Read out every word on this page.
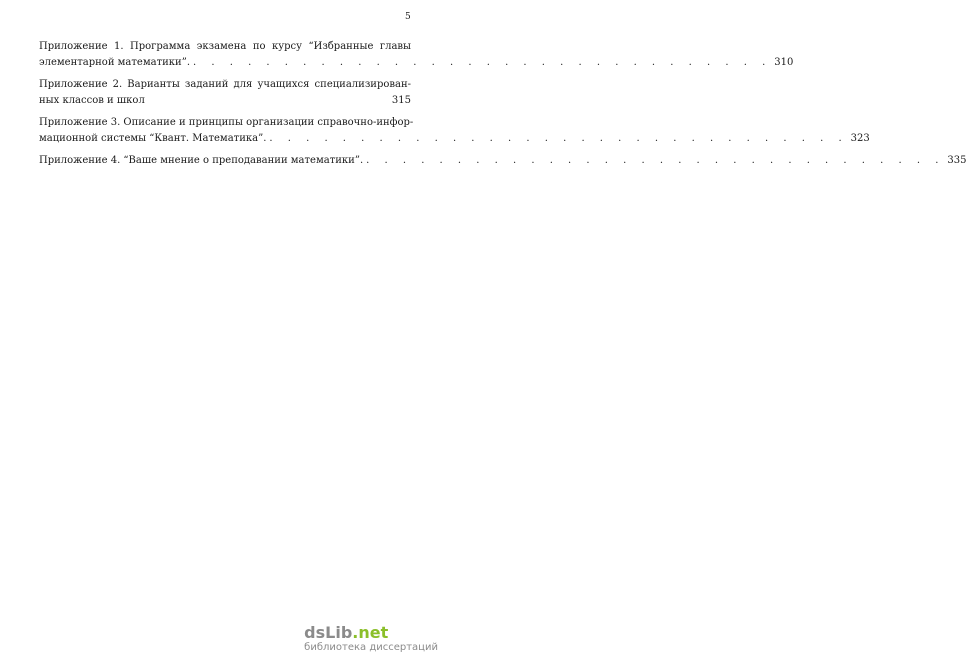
5
Приложение 1. Программа экзамена по курсу “Избранные главы
элементарной математики”. . . . . . . . . . . . . . . . . . . . . . . . . . . . . . . . . 310
Приложение 2. Варианты заданий для учащихся специализирован-
ных классов и школ	315
Приложение 3. Описание и принципы организации справочно-инфор-
мационной системы “Квант. Математика”. . . . . . . . . . . . . . . . . . . . . . . . . . . . . . . . . 323
Приложение 4. “Ваше мнение о преподавании математики”. . . . . . . . . . . . . . . . . . . . . . . . . . . . . . . . . 335
dsLib.net
библиотека диссертаций
